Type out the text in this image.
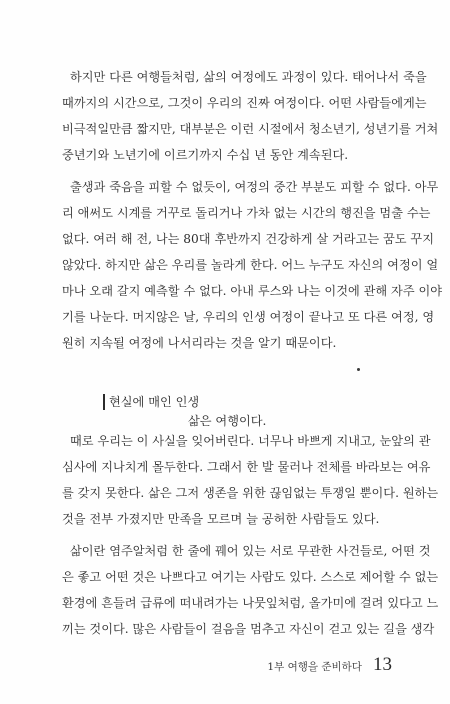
하지만 다른 여행들처럼, 삶의 여정에도 과정이 있다. 태어나서 죽을
때까지의 시간으로, 그것이 우리의 진짜 여정이다. 어떤 사람들에게는
비극적일만큼 짧지만, 대부분은 이런 시절에서 청소년기, 성년기를 거쳐
중년기와 노년기에 이르기까지 수십 년 동안 계속된다.
출생과 죽음을 피할 수 없듯이, 여정의 중간 부분도 피할 수 없다. 아무
리 애써도 시계를 거꾸로 돌리거나 가차 없는 시간의 행진을 멈출 수는
없다. 여러 해 전, 나는 80대 후반까지 건강하게 살 거라고는 꿈도 꾸지
않았다. 하지만 삶은 우리를 놀라게 한다. 어느 누구도 자신의 여정이 얼
마나 오래 갈지 예측할 수 없다. 아내 루스와 나는 이것에 관해 자주 이야
기를 나눈다. 머지않은 날, 우리의 인생 여정이 끝나고 또 다른 여정, 영
원히 지속될 여정에 나서리라는 것을 알기 때문이다.
현실에 매인 인생
삶은 여행이다.
때로 우리는 이 사실을 잊어버린다. 너무나 바쁘게 지내고, 눈앞의 관
심사에 지나치게 몰두한다. 그래서 한 발 물러나 전체를 바라보는 여유
를 갖지 못한다. 삶은 그저 생존을 위한 끊임없는 투쟁일 뿐이다. 원하는
것을 전부 가졌지만 만족을 모르며 늘 공허한 사람들도 있다.
삶이란 염주알처럼 한 줄에 꿰어 있는 서로 무관한 사건들로, 어떤 것
은 좋고 어떤 것은 나쁘다고 여기는 사람도 있다. 스스로 제어할 수 없는
환경에 흔들려 급류에 떠내려가는 나뭇잎처럼, 올가미에 걸려 있다고 느
끼는 것이다. 많은 사람들이 걸음을 멈추고 자신이 걷고 있는 길을 생각
1부 여행을 준비하다 13
